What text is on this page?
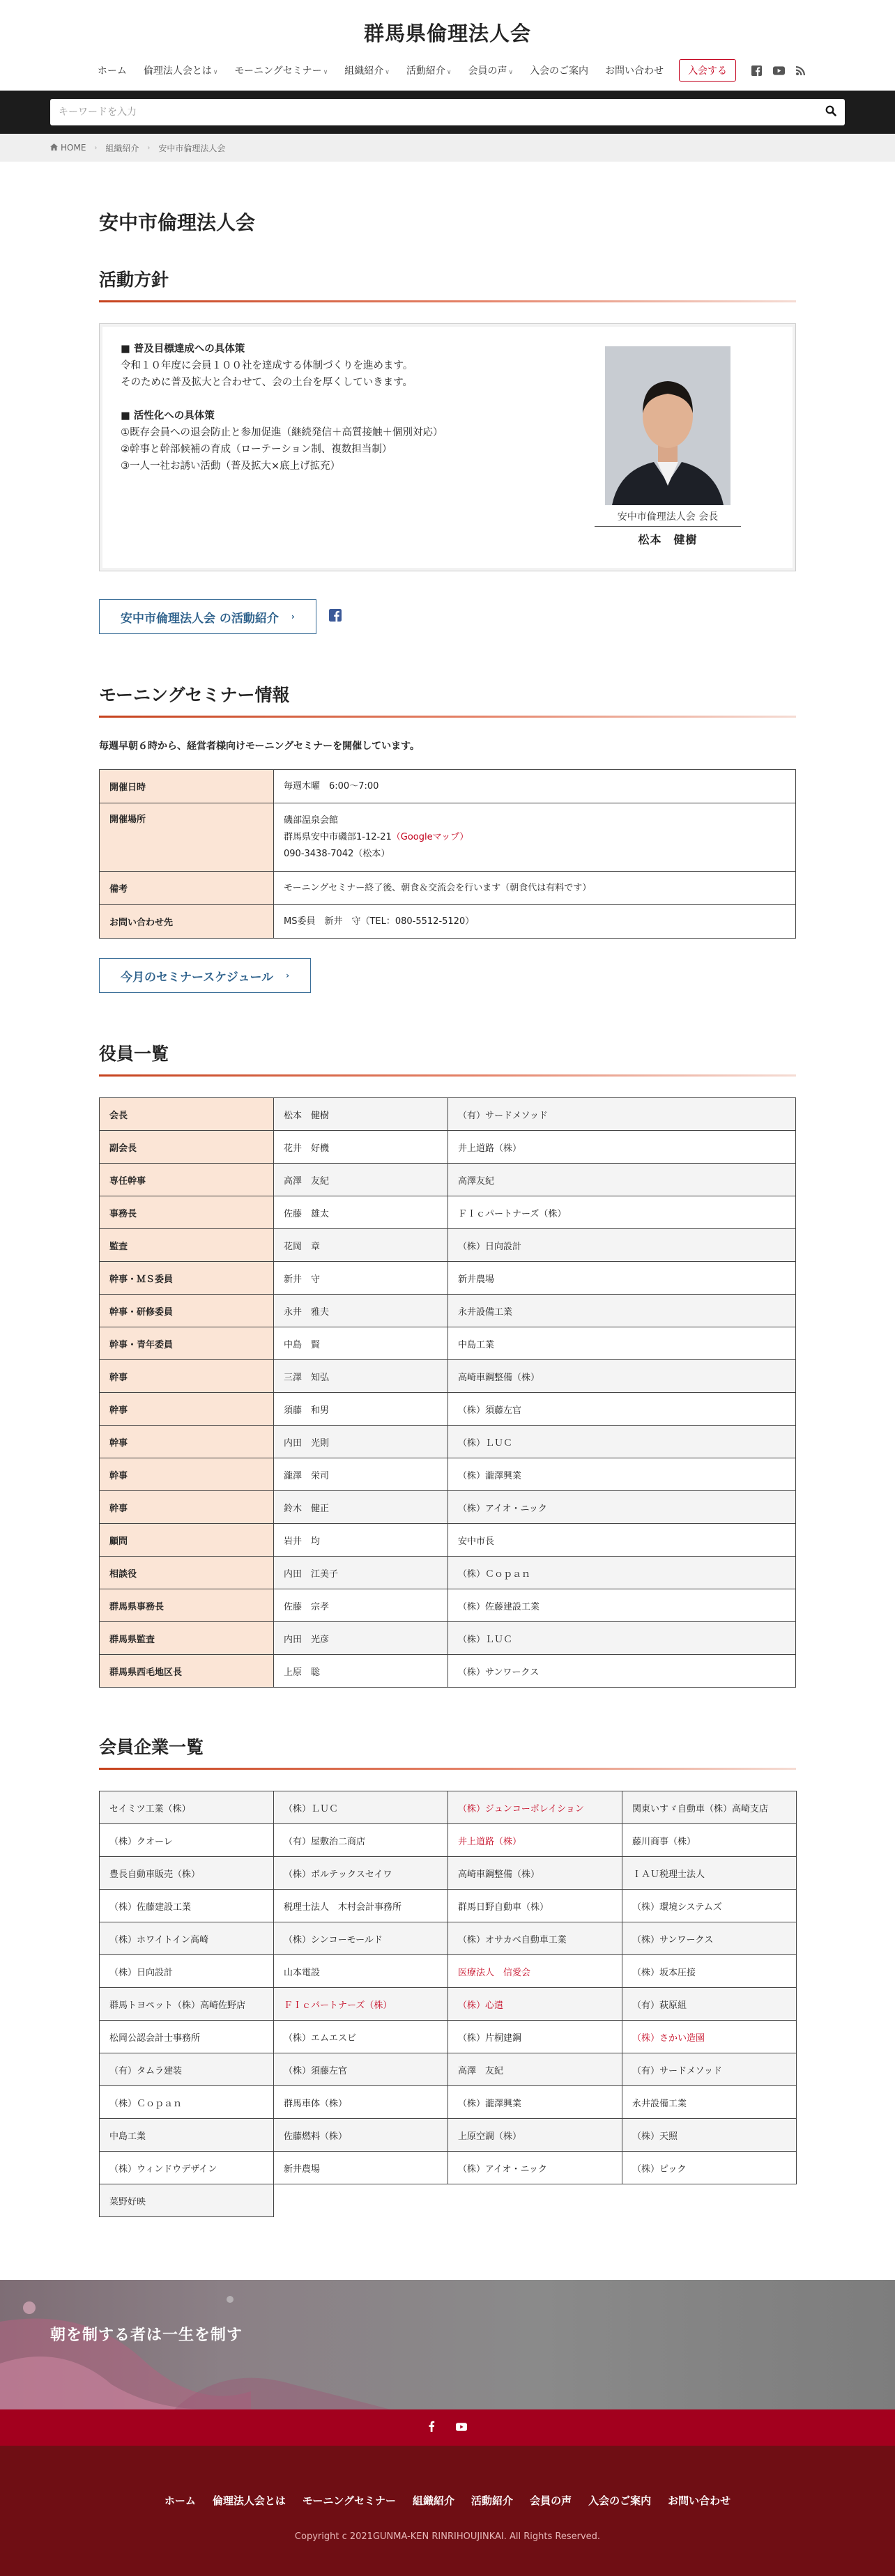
群馬県倫理法人会
ホーム	倫理法人会とは ∨	モーニングセミナー ∨	組織紹介 ∨	活動紹介 ∨	会員の声 ∨	入会のご案内	お問い合わせ	入会する
キーワードを入力
HOME › 組織紹介 › 安中市倫理法人会
安中市倫理法人会
活動方針

■ 普及目標達成への具体策

令和１０年度に会員１００社を達成する体制づくりを進めます。
そのために普及拡大と合わせて、会の土台を厚くしていきます。

■ 活性化への具体策

①既存会員への退会防止と参加促進（継続発信＋高質接触＋個別対応）
②幹事と幹部候補の育成（ローテーション制、複数担当制）
③一人一社お誘い活動（普及拡大×底上げ拡充）

安中市倫理法人会 会長
松本　健樹
安中市倫理法人会 の活動紹介 ›
モーニングセミナー情報

毎週早朝６時から、経営者様向けモーニングセミナーを開催しています。

開催日時	毎週木曜　6:00〜7:00
開催場所	磯部温泉会館
群馬県安中市磯部1-12-21（Googleマップ）
090-3438-7042（松本）
備考	モーニングセミナー終了後、朝食＆交流会を行います（朝食代は有料です）
お問い合わせ先	MS委員　新井　守（TEL：080-5512-5120）
今月のセミナースケジュール ›
役員一覧
会長	松本　健樹	（有）サードメソッド
副会長	花井　好機	井上道路（株）
専任幹事	高澤　友紀	高澤友紀
事務長	佐藤　雄太	ＦＩｃパートナーズ（株）
監査	花岡　章	（株）日向設計
幹事・ＭＳ委員	新井　守	新井農場
幹事・研修委員	永井　雅夫	永井設備工業
幹事・青年委員	中島　賢	中島工業
幹事	三澤　知弘	高崎車鋼整備（株）
幹事	須藤　和男	（株）須藤左官
幹事	内田　光則	（株）ＬＵＣ
幹事	瀧澤　栄司	（株）瀧澤興業
幹事	鈴木　健正	（株）アイオ・ニック
顧問	岩井　均	安中市長
相談役	内田　江美子	（株）Ｃｏｐａｎ
群馬県事務長	佐藤　宗孝	（株）佐藤建設工業
群馬県監査	内田　光彦	（株）ＬＵＣ
群馬県西毛地区長	上原　聡	（株）サンワークス
会員企業一覧
セイミツ工業（株）	（株）ＬＵＣ	（株）ジュンコーポレイション	関東いすゞ自動車（株）高崎支店
（株）クオーレ	（有）屋敷治二商店	井上道路（株）	藤川商事（株）
豊長自動車販売（株）	（株）ボルテックスセイワ	高崎車鋼整備（株）	ＩＡＵ税理士法人
（株）佐藤建設工業	税理士法人　木村会計事務所	群馬日野自動車（株）	（株）環境システムズ
（株）ホワイトイン高崎	（株）シンコーモールド	（株）オサカベ自動車工業	（株）サンワークス
（株）日向設計	山本電設	医療法人　信愛会	（株）坂本圧接
群馬トヨペット（株）高崎佐野店	ＦＩｃパートナーズ（株）	（株）心遣	（有）萩原組
松岡公認会計士事務所	（株）エムエスビ	（株）片桐建鋼	（株）さかい造園
（有）タムラ建装	（株）須藤左官	高澤　友紀	（有）サードメソッド
（株）Ｃｏｐａｎ	群馬車体（株）	（株）瀧澤興業	永井設備工業
中島工業	佐藤燃料（株）	上原空調（株）	（株）天照
（株）ウィンドウデザイン	新井農場	（株）アイオ・ニック	（株）ピック
菜野好映			
朝を制する者は一生を制す
ホーム 倫理法人会とは モーニングセミナー 組織紹介 活動紹介 会員の声 入会のご案内 お問い合わせ

Copyright c 2021GUNMA-KEN RINRIHOUJINKAI. All Rights Reserved.
